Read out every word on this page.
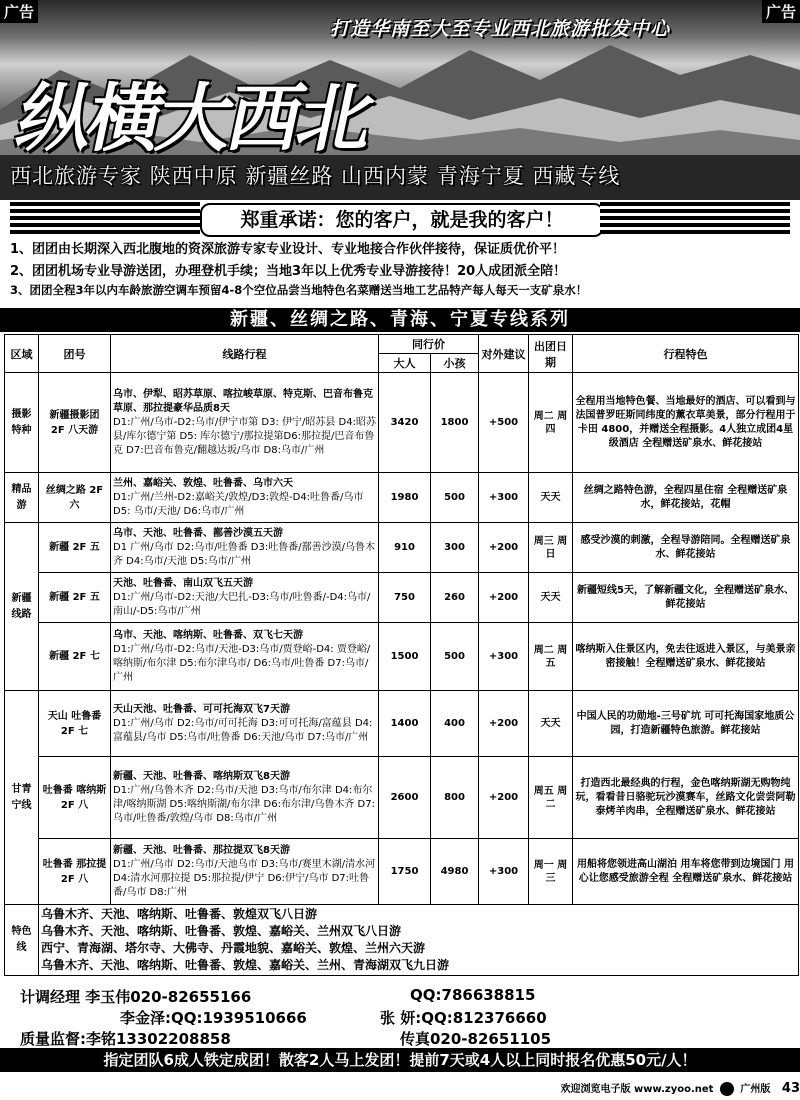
广告	广告
打造华南至大至专业西北旅游批发中心
纵横大西北
西北旅游专家 陕西中原 新疆丝路 山西内蒙 青海宁夏 西藏专线
郑重承诺：您的客户，就是我的客户！
1、团团由长期深入西北腹地的资深旅游专家专业设计、专业地接合作伙伴接待，保证质优价平！
2、团团机场专业导游送团，办理登机手续；当地3年以上优秀专业导游接待！20人成团派全陪！
3、团团全程3年以内车龄旅游空调车预留4-8个空位品尝当地特色名菜赠送当地工艺品特产每人每天一支矿泉水！
新疆、丝绸之路、青海、宁夏专线系列
区域	团号	线路行程	同行价		对外建议	出团日期	行程特色
			大人	小孩			
摄影特种	新疆摄影团 2F 八天游	乌市、伊犁、昭苏草原、喀拉峻草原、特克斯、巴音布鲁克草原、那拉提豪华品质8天
D1:广州/乌市-D2:乌市/伊宁市第 D3: 伊宁/昭苏县 D4:昭苏县/库尔德宁第 D5: 库尔德宁/那拉提第D6:那拉提/巴音布鲁克 D7:巴音布鲁克/翻越达坂/乌市 D8:乌市/广州	3420	1800	+500	周二 周四	全程用当地特色餐、当地最好的酒店、可以看到与法国普罗旺斯同纬度的薰衣草美景，部分行程用于卡田 4800，并赠送全程摄影。4人独立成团4星级酒店 全程赠送矿泉水、鲜花接站
精品游	丝绸之路 2F 六	兰州、嘉峪关、敦煌、吐鲁番、乌市六天
D1:广州/兰州-D2:嘉峪关/敦煌/D3:敦煌-D4:吐鲁番/乌市 D5: 乌市/天池/ D6:乌市/广州	1980	500	+300	天天	丝绸之路特色游，全程四星住宿 全程赠送矿泉水，鲜花接站，花帽
新疆线路	新疆 2F 五	乌市、天池、吐鲁番、鄯善沙漠五天游
D1 广州/乌市 D2:乌市/吐鲁番 D3:吐鲁番/鄯善沙漠/乌鲁木齐 D4:乌市/天池 D5:乌市/广州	910	300	+200	周三 周日	感受沙漠的刺激，全程导游陪同。全程赠送矿泉水、鲜花接站
	新疆 2F 五	天池、吐鲁番、南山双飞五天游
D1:广州/乌市-D2:天池/大巴扎-D3:乌市/吐鲁番/-D4:乌市/南山/-D5:乌市/广州	750	260	+200	天天	新疆短线5天，了解新疆文化，全程赠送矿泉水、鲜花接站
	新疆 2F 七	乌市、天池、喀纳斯、吐鲁番、双飞七天游
D1:广州/乌市-D2:乌市/天池-D3:乌市/贾登峪-D4: 贾登峪/喀纳斯/布尔津 D5:布尔津乌市/ D6:乌市/吐鲁番 D7:乌市/广州	1500	500	+300	周二 周五	喀纳斯入住景区内，免去往返进入景区，与美景亲密接触！全程赠送矿泉水、鲜花接站
甘青宁线	天山 吐鲁番 2F 七	天山天池、吐鲁番、可可托海双飞7天游
D1:广州/乌市 D2:乌市/可可托海 D3:可可托海/富蕴县 D4:富蕴县/乌市 D5:乌市/吐鲁番 D6:天池/乌市 D7:乌市/广州	1400	400	+200	天天	中国人民的功勋地-三号矿坑 可可托海国家地质公园，打造新疆特色旅游。鲜花接站
	吐鲁番 喀纳斯 2F 八	新疆、天池、吐鲁番、喀纳斯双飞8天游
D1:广州/乌鲁木齐 D2:乌市/天池 D3:乌市/布尔津 D4:布尔津/喀纳斯湖 D5:喀纳斯湖/布尔津 D6:布尔津/乌鲁木齐 D7:乌市/吐鲁番/敦煌/乌市 D8:乌市/广州	2600	800	+200	周五 周二	打造西北最经典的行程，金色喀纳斯湖无购物纯玩，看看昔日骆驼玩沙漠赛车，丝路文化尝尝阿勒泰烤羊肉串，全程赠送矿泉水、鲜花接站
	吐鲁番 那拉提 2F 八	新疆、天池、吐鲁番、那拉提双飞8天游
D1:广州/乌市 D2:乌市/天池乌市 D3:乌市/赛里木湖/清水河 D4:清水河那拉提 D5:那拉提/伊宁 D6:伊宁/乌市 D7:吐鲁番/乌市 D8:广州	1750	4980	+300	周一 周三	用船将您领进高山湖泊 用车将您带到边境国门 用心让您感受旅游全程 全程赠送矿泉水、鲜花接站
特色线	乌鲁木齐、天池、喀纳斯、吐鲁番、敦煌双飞八日游
乌鲁木齐、天池、喀纳斯、吐鲁番、敦煌、嘉峪关、兰州双飞八日游
西宁、青海湖、塔尔寺、大佛寺、丹霞地貌、嘉峪关、敦煌、兰州六天游
乌鲁木齐、天池、喀纳斯、吐鲁番、敦煌、嘉峪关、兰州、青海湖双飞九日游						
计调经理 李玉伟020-82655166	QQ:786638815
李金泽:QQ:1939510666	张 妍:QQ:812376660
质量监督:李铭13302208858	传真020-82651105
指定团队6成人铁定成团！散客2人马上发团！提前7天或4人以上同时报名优惠50元/人！
欢迎浏览电子版 www.zyoo.net	广州版 43
